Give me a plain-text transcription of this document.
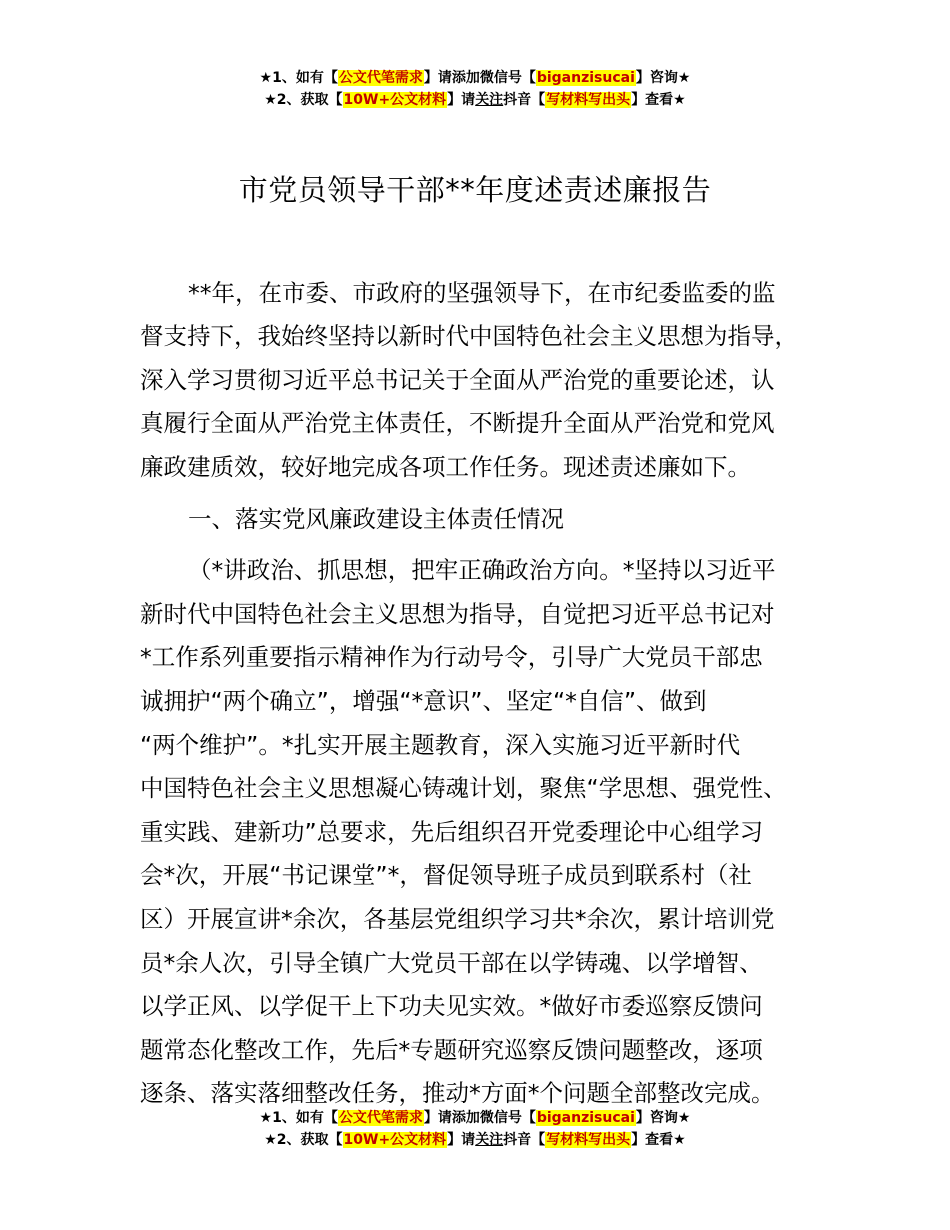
★1、如有【公文代笔需求】请添加微信号【biganzisucai】咨询★
★2、获取【10W+公文材料】请关注抖音【写材料写出头】查看★
市党员领导干部**年度述责述廉报告
**年，在市委、市政府的坚强领导下，在市纪委监委的监
督支持下，我始终坚持以新时代中国特色社会主义思想为指导，
深入学习贯彻习近平总书记关于全面从严治党的重要论述，认
真履行全面从严治党主体责任，不断提升全面从严治党和党风
廉政建质效，较好地完成各项工作任务。现述责述廉如下。
一、落实党风廉政建设主体责任情况
（*讲政治、抓思想，把牢正确政治方向。*坚持以习近平
新时代中国特色社会主义思想为指导，自觉把习近平总书记对
*工作系列重要指示精神作为行动号令，引导广大党员干部忠
诚拥护“两个确立”，增强“*意识”、坚定“*自信”、做到
“两个维护”。*扎实开展主题教育，深入实施习近平新时代
中国特色社会主义思想凝心铸魂计划，聚焦“学思想、强党性、
重实践、建新功”总要求，先后组织召开党委理论中心组学习
会*次，开展“书记课堂”*，督促领导班子成员到联系村（社
区）开展宣讲*余次，各基层党组织学习共*余次，累计培训党
员*余人次，引导全镇广大党员干部在以学铸魂、以学增智、
以学正风、以学促干上下功夫见实效。*做好市委巡察反馈问
题常态化整改工作，先后*专题研究巡察反馈问题整改，逐项
逐条、落实落细整改任务，推动*方面*个问题全部整改完成。
★1、如有【公文代笔需求】请添加微信号【biganzisucai】咨询★
★2、获取【10W+公文材料】请关注抖音【写材料写出头】查看★
